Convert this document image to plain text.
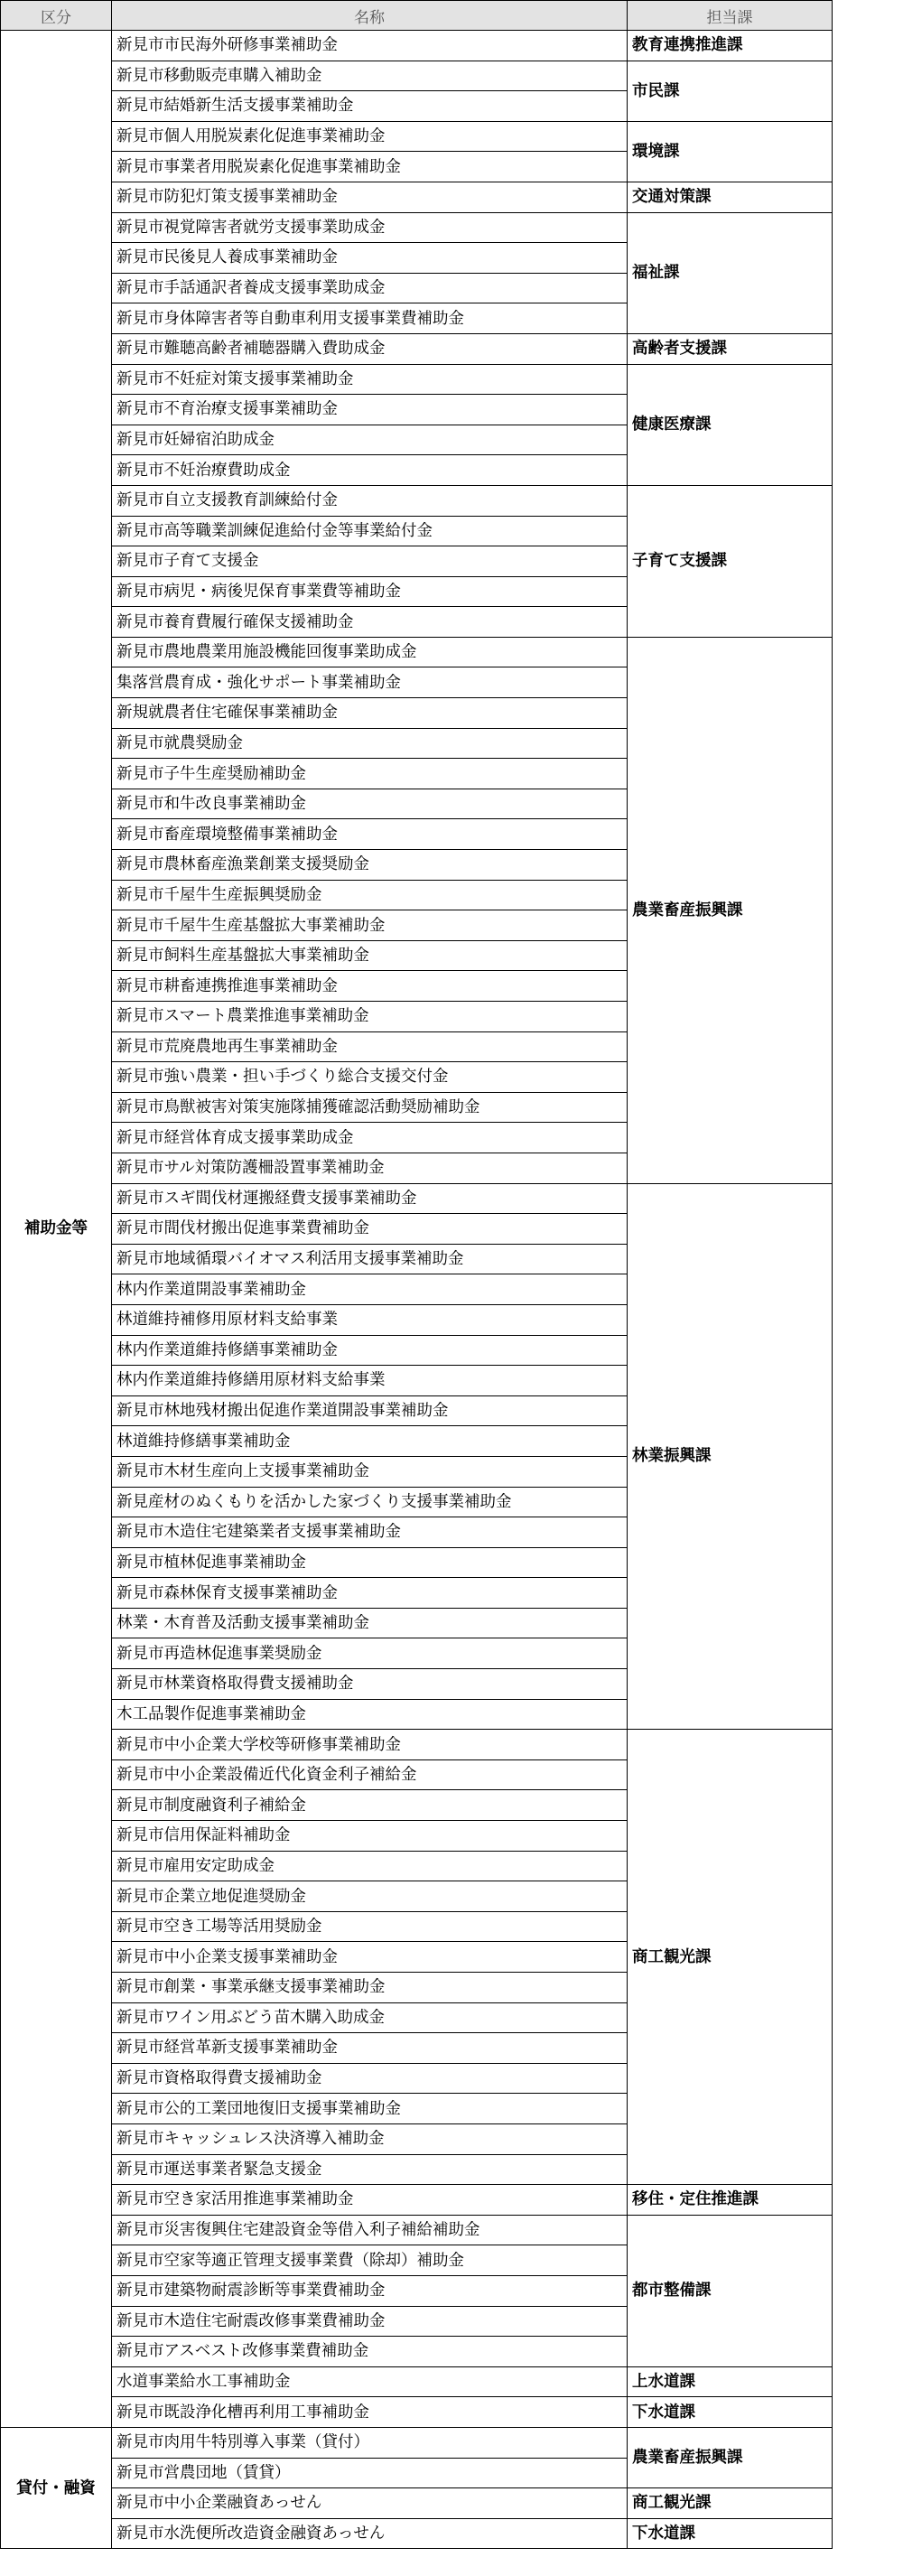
区分	名称	担当課
補助金等	新見市市民海外研修事業補助金	教育連携推進課
	新見市移動販売車購入補助金	市民課
	新見市結婚新生活支援事業補助金	
	新見市個人用脱炭素化促進事業補助金	環境課
	新見市事業者用脱炭素化促進事業補助金	
	新見市防犯灯策支援事業補助金	交通対策課
	新見市視覚障害者就労支援事業助成金	福祉課
	新見市民後見人養成事業補助金	
	新見市手話通訳者養成支援事業助成金	
	新見市身体障害者等自動車利用支援事業費補助金	
	新見市難聴高齢者補聴器購入費助成金	高齢者支援課
	新見市不妊症対策支援事業補助金	健康医療課
	新見市不育治療支援事業補助金	
	新見市妊婦宿泊助成金	
	新見市不妊治療費助成金	
	新見市自立支援教育訓練給付金	子育て支援課
	新見市高等職業訓練促進給付金等事業給付金	
	新見市子育て支援金	
	新見市病児・病後児保育事業費等補助金	
	新見市養育費履行確保支援補助金	
	新見市農地農業用施設機能回復事業助成金	農業畜産振興課
	集落営農育成・強化サポート事業補助金	
	新規就農者住宅確保事業補助金	
	新見市就農奨励金	
	新見市子牛生産奨励補助金	
	新見市和牛改良事業補助金	
	新見市畜産環境整備事業補助金	
	新見市農林畜産漁業創業支援奨励金	
	新見市千屋牛生産振興奨励金	
	新見市千屋牛生産基盤拡大事業補助金	
	新見市飼料生産基盤拡大事業補助金	
	新見市耕畜連携推進事業補助金	
	新見市スマート農業推進事業補助金	
	新見市荒廃農地再生事業補助金	
	新見市強い農業・担い手づくり総合支援交付金	
	新見市鳥獣被害対策実施隊捕獲確認活動奨励補助金	
	新見市経営体育成支援事業助成金	
	新見市サル対策防護柵設置事業補助金	
	新見市スギ間伐材運搬経費支援事業補助金	林業振興課
	新見市間伐材搬出促進事業費補助金	
	新見市地域循環バイオマス利活用支援事業補助金	
	林内作業道開設事業補助金	
	林道維持補修用原材料支給事業	
	林内作業道維持修繕事業補助金	
	林内作業道維持修繕用原材料支給事業	
	新見市林地残材搬出促進作業道開設事業補助金	
	林道維持修繕事業補助金	
	新見市木材生産向上支援事業補助金	
	新見産材のぬくもりを活かした家づくり支援事業補助金	
	新見市木造住宅建築業者支援事業補助金	
	新見市植林促進事業補助金	
	新見市森林保育支援事業補助金	
	林業・木育普及活動支援事業補助金	
	新見市再造林促進事業奨励金	
	新見市林業資格取得費支援補助金	
	木工品製作促進事業補助金	
	新見市中小企業大学校等研修事業補助金	商工観光課
	新見市中小企業設備近代化資金利子補給金	
	新見市制度融資利子補給金	
	新見市信用保証料補助金	
	新見市雇用安定助成金	
	新見市企業立地促進奨励金	
	新見市空き工場等活用奨励金	
	新見市中小企業支援事業補助金	
	新見市創業・事業承継支援事業補助金	
	新見市ワイン用ぶどう苗木購入助成金	
	新見市経営革新支援事業補助金	
	新見市資格取得費支援補助金	
	新見市公的工業団地復旧支援事業補助金	
	新見市キャッシュレス決済導入補助金	
	新見市運送事業者緊急支援金	
	新見市空き家活用推進事業補助金	移住・定住推進課
	新見市災害復興住宅建設資金等借入利子補給補助金	都市整備課
	新見市空家等適正管理支援事業費（除却）補助金	
	新見市建築物耐震診断等事業費補助金	
	新見市木造住宅耐震改修事業費補助金	
	新見市アスベスト改修事業費補助金	
	水道事業給水工事補助金	上水道課
	新見市既設浄化槽再利用工事補助金	下水道課
貸付・融資	新見市肉用牛特別導入事業（貸付）	農業畜産振興課
	新見市営農団地（賃貸）	
	新見市中小企業融資あっせん	商工観光課
	新見市水洗便所改造資金融資あっせん	下水道課
